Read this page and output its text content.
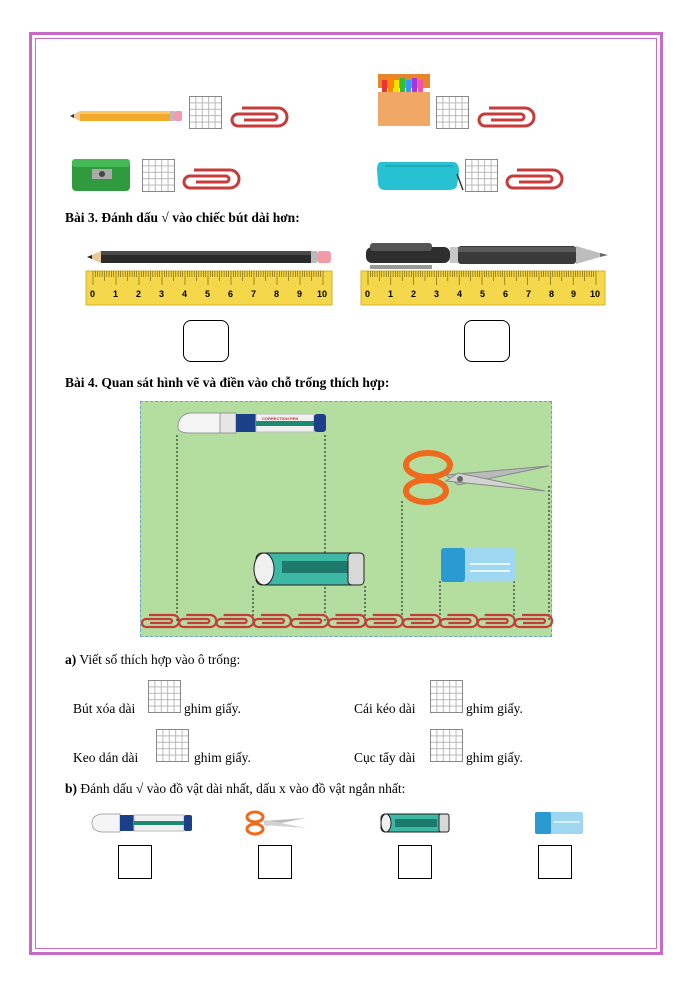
Bài 3. Đánh dấu √ vào chiếc bút dài hơn:
0 1 2 3 4 5 6 7 8 9 10	0 1 2 3 4 5 6 7 8 9 10
Bài 4. Quan sát hình vẽ và điền vào chỗ trống thích hợp:
CORRECTION PEN
a) Viết số thích hợp vào ô trống:
Bút xóa dài	ghim giấy.	Cái kéo dài	ghim giấy.
Keo dán dài	ghim giấy.	Cục tẩy dài	ghim giấy.
b) Đánh dấu √ vào đồ vật dài nhất, dấu x vào đồ vật ngắn nhất:
